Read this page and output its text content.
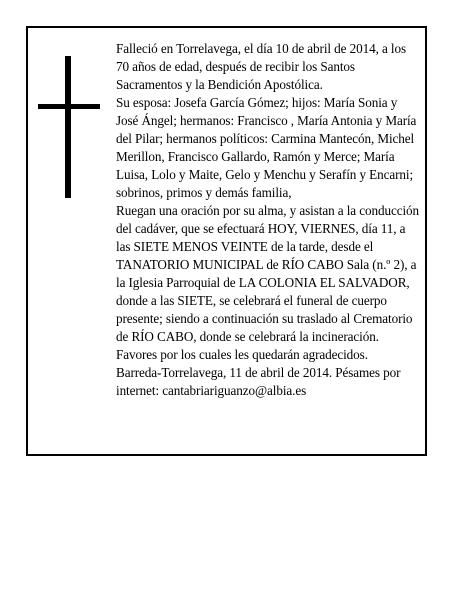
Falleció en Torrelavega, el día 10 de abril de 2014, a los 70 años de edad, después de recibir los Santos Sacramentos y la Bendición Apostólica.

Su esposa: Josefa García Gómez; hijos: María Sonia y José Ángel; hermanos: Francisco , María Antonia y María del Pilar; hermanos políticos: Carmina Mantecón, Michel Merillon, Francisco Gallardo, Ramón y Merce; María Luisa, Lolo y Maite, Gelo y Menchu y Serafín y Encarni; sobrinos, primos y demás familia,

Ruegan una oración por su alma, y asistan a la conducción del cadáver, que se efectuará HOY, VIERNES, día 11, a las SIETE MENOS VEINTE de la tarde, desde el TANATORIO MUNICIPAL de RÍO CABO Sala (n.º 2), a la Iglesia Parroquial de LA COLONIA EL SALVADOR, donde a las SIETE, se celebrará el funeral de cuerpo presente; siendo a continuación su traslado al Crematorio de RÍO CABO, donde se celebrará la incineración. Favores por los cuales les quedarán agradecidos.

Barreda-Torrelavega, 11 de abril de 2014. Pésames por internet: cantabriariguanzo@albia.es
